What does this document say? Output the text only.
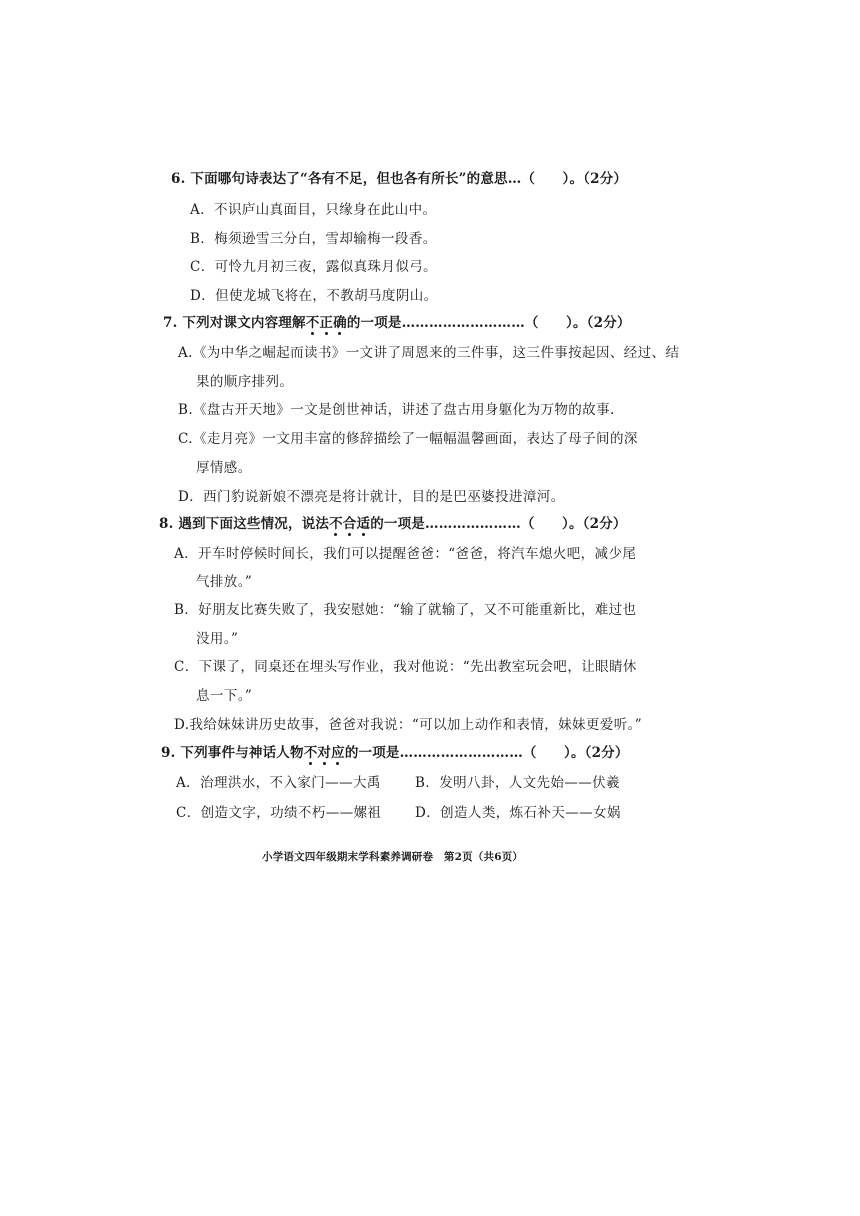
6. 下面哪句诗表达了“各有不足，但也各有所长”的意思…（　　）。（2分）
A．不识庐山真面目，只缘身在此山中。
B．梅须逊雪三分白，雪却输梅一段香。
C．可怜九月初三夜，露似真珠月似弓。
D．但使龙城飞将在，不教胡马度阴山。
7. 下列对课文内容理解不正确的一项是………………………（　　）。（2分）
A.《为中华之崛起而读书》一文讲了周恩来的三件事，这三件事按起因、经过、结
果的顺序排列。
B.《盘古开天地》一文是创世神话，讲述了盘古用身躯化为万物的故事.
C.《走月亮》一文用丰富的修辞描绘了一幅幅温馨画面，表达了母子间的深
厚情感。
D．西门豹说新娘不漂亮是将计就计，目的是巴巫婆投进漳河。
8. 遇到下面这些情况，说法不合适的一项是…………………（　　）。（2分）
A．开车时停候时间长，我们可以提醒爸爸：“爸爸，将汽车熄火吧，减少尾
气排放。”
B．好朋友比赛失败了，我安慰她：“输了就输了，又不可能重新比，难过也
没用。”
C．下课了，同桌还在埋头写作业，我对他说：“先出教室玩会吧，让眼睛休
息一下。”
D.我给妹妹讲历史故事，爸爸对我说：“可以加上动作和表情，妹妹更爱听。”
9. 下列事件与神话人物不对应的一项是………………………（　　）。（2分）
A．治理洪水，不入家门——大禹	B．发明八卦，人文先始——伏羲
C．创造文字，功绩不朽——嫘祖 D．创造人类，炼石补天——女娲
小学语文四年级期末学科素养调研卷　第2页（共6页）
